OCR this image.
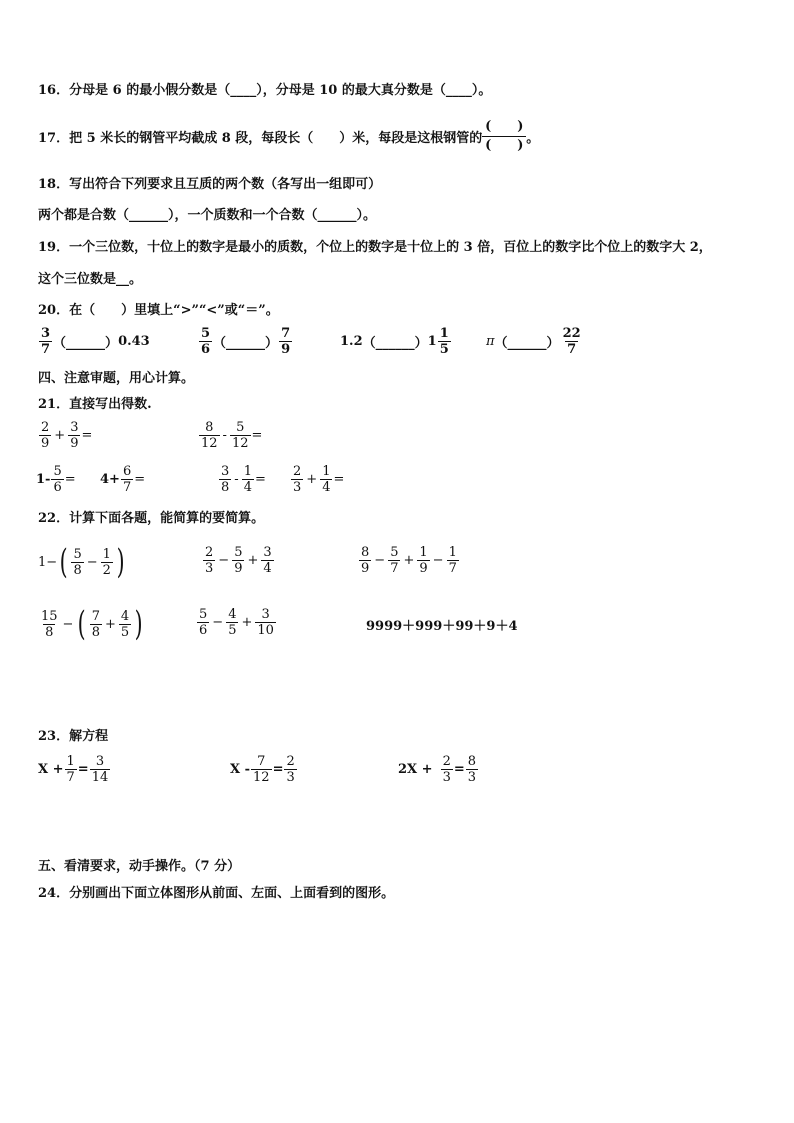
16．分母是 6 的最小假分数是（____），分母是 10 的最大真分数是（____）。
17．把 5 米长的钢管平均截成 8 段，每段长（　　）米，每段是这根钢管的
(　　)
(　　) 。
18．写出符合下列要求且互质的两个数（各写出一组即可）
两个都是合数（______），一个质数和一个合数（______）。
19．一个三位数，十位上的数字是最小的质数，个位上的数字是十位上的 3 倍，百位上的数字比个位上的数字大 2，
这个三位数是__。
20．在（　　）里填上“>”“<”或“＝”。
$\frac{3}{7}$ （______） 0.43	$\frac{5}{6}$ （______） $\frac{7}{9}$	1.2 （______） $1 \frac{1}{5}$	π （______） $\frac{22}{7}$
四、注意审题，用心计算。
21．直接写出得数.
$\frac{2}{9} + \frac{3}{9}$ =	$\frac{8}{12} - \frac{5}{12}$ =
$1- \frac{5}{6} = 4+ \frac{6}{7}$ =	$\frac{3}{8} - \frac{1}{4} = \frac{2}{3} + \frac{1}{4}$ =
22．计算下面各题，能简算的要简算。
1− ( $\frac{5}{8} - \frac{1}{2}$ )	$\frac{2}{3} - \frac{5}{9} + \frac{3}{4}$	$\frac{8}{9} - \frac{5}{7} + \frac{1}{9} - \frac{1}{7}$
$\frac{15}{8}$ − ( $\frac{7}{8} + \frac{4}{5}$ )	$\frac{5}{6} - \frac{4}{5} + \frac{3}{10}$	9999＋999＋99＋9＋4
23．解方程
$X + \frac{1}{7} = \frac{3}{14}$	$X - \frac{7}{12} = \frac{2}{3}$	$2X + \frac{2}{3} = \frac{8}{3}$
五、看清要求，动手操作。（7 分）
24．分别画出下面立体图形从前面、左面、上面看到的图形。
